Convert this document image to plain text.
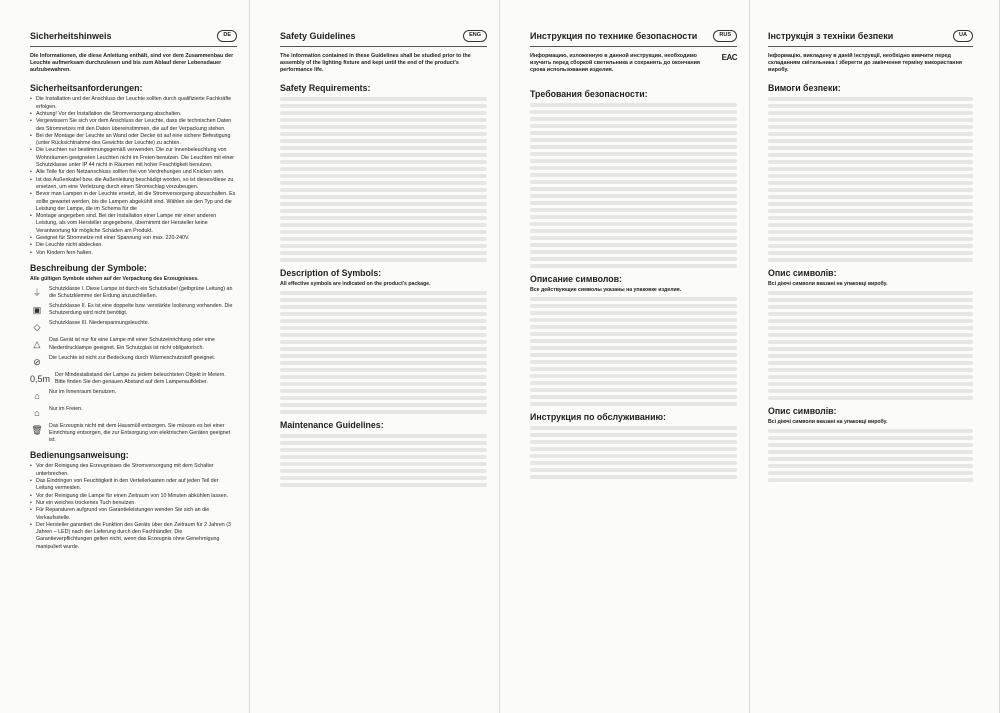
Sicherheitshinweis	DE
Die Informationen, die diese Anleitung enthält, sind vor dem Zusammenbau der Leuchte aufmerksam durchzulesen und bis zum Ablauf derer Lebensdauer aufzubewahren.
Sicherheitsanforderungen:
• Die Installation und der Anschluss der Leuchte sollten durch qualifizierte Fachkräfte erfolgen.
• Achtung! Vor der Installation die Stromversorgung abschalten.
• Vergewissern Sie sich vor dem Anschluss der Leuchte, dass die technischen Daten des Stromnetzes mit den Daten übereinstimmen, die auf der Verpackung stehen.
• Bei der Montage der Leuchte an Wand oder Decke ist auf eine sichere Befestigung (unter Rücksichtnahme des Gewichts der Leuchte) zu achten.
• Die Leuchten nur bestimmungsgemäß verwenden. Die zur Innenbeleuchtung von Wohnräumen geeigneten Leuchten nicht im Freien benutzen. Die Leuchten mit einer Schutzklasse unter IP 44 nicht in Räumen mit hoher Feuchtigkeit benutzen.
• Alle Teile für den Netzanschluss sollten frei von Verdrehungen und Knicken sein.
• Ist das Außenkabel bzw. die Außenleitung beschädigt worden, so ist dieses/diese zu ersetzen, um eine Verletzung durch einen Stromschlag vorzubeugen.
• Bevor man Lampen in der Leuchte ersetzt, ist die Stromversorgung abzuschalten. Es sollte gewartet werden, bis die Lampen abgekühlt sind. Wählen sie den Typ und die Leistung der Lampe, die im Schema für die
• Montage angegeben sind. Bei der Installation einer Lampe mir einer anderen Leistung, als vom Hersteller angegebene, übernimmt der Hersteller keine Verantwortung für mögliche Schäden am Produkt.
• Geeignet für Stromnetze mit einer Spannung von max. 220-240V.
• Die Leuchte nicht abdecken.
• Von Kindern fern halten.
Beschreibung der Symbole:
Alle gültigen Symbole stehen auf der Verpackung des Erzeugnisses.
⏚	Schutzklasse I. Diese Lampe ist durch ein Schutzkabel (gelbgrüne Leitung) an die Schutzklemme der Erdung anzuschließen.
▣	Schutzklasse II. Es ist eine doppelte bzw. verstärkte Isolierung vorhanden. Die Schutzerdung wird nicht benötigt.
◇	Schutzklasse III. Niederspannungsleuchte.
△	Das Gerät ist nur für eine Lampe mit einer Schutzeinrichtung oder eine Niederdrucklampe geeignet. Ein Schutzglas ist nicht obligatorisch.
⊘	Die Leuchte ist nicht zur Bedeckung durch Wärmeschutzstoff geeignet.
0,5m Der Mindestabstand der Lampe zu jedem beleuchteten Objekt in Metern. Bitte finden Sie den genauen Abstand auf dem Lampenaufkleber.
⌂	Nur im Innenraum benutzen.
⌂	Nur im Freien.
🗑 Das Erzeugnis nicht mit dem Hausmüll entsorgen. Sie müssen es bei einer Einrichtung entsorgen, die zur Entsorgung von elektrischen Geräten geeignet ist.
Bedienungsanweisung:
• Vor der Reinigung des Erzeugnisses die Stromversorgung mit dem Schalter unterbrechen.
• Das Eindringen von Feuchtigkeit in den Verteilerkasten oder auf jeden Teil der Leitung vermeiden.
• Vor der Reinigung die Lampe für einen Zeitraum von 10 Minuten abkühlen lassen.
• Nur ein weiches trockenes Tuch benutzen.
• Für Reparaturen aufgrund von Garantieleistungen wenden Sie sich an die Verkaufsstelle.
• Der Hersteller garantiert die Funktion des Geräts über den Zeitraum für 2 Jahren (3 Jahren – LED) nach der Lieferung durch den Fachhändler. Die Garantieverpflichtungen gelten nicht, wenn das Erzeugnis ohne Genehmigung manipuliert wurde.
Safety Guidelines	ENG
The information contained in these Guidelines shall be studied prior to the assembly of the lighting fixture and kept until the end of the product's performance life.
Safety Requirements:
Description of Symbols:
All effective symbols are indicated on the product's package.
Maintenance Guidelines:
Инструкция по технике безопасности	RUS
Информацию, изложенную в данной инструкции, необходимо изучить перед сборкой светильника и сохранять до окончания срока использования изделия.
EAC
Требования безопасности:
Описание символов:
Все действующие символы указаны на упаковке изделия.
Инструкция по обслуживанию:
Інструкція з техніки безпеки	UA
Інформацію, викладену в даній інструкції, необхідно вивчити перед складанням світильника і зберегти до закінчення терміну використання виробу.
Вимоги безпеки:
Опис символів:
Всі діючі символи вказані на упаковці виробу.
Опис символів:
Всі діючі символи вказані на упаковці виробу.
